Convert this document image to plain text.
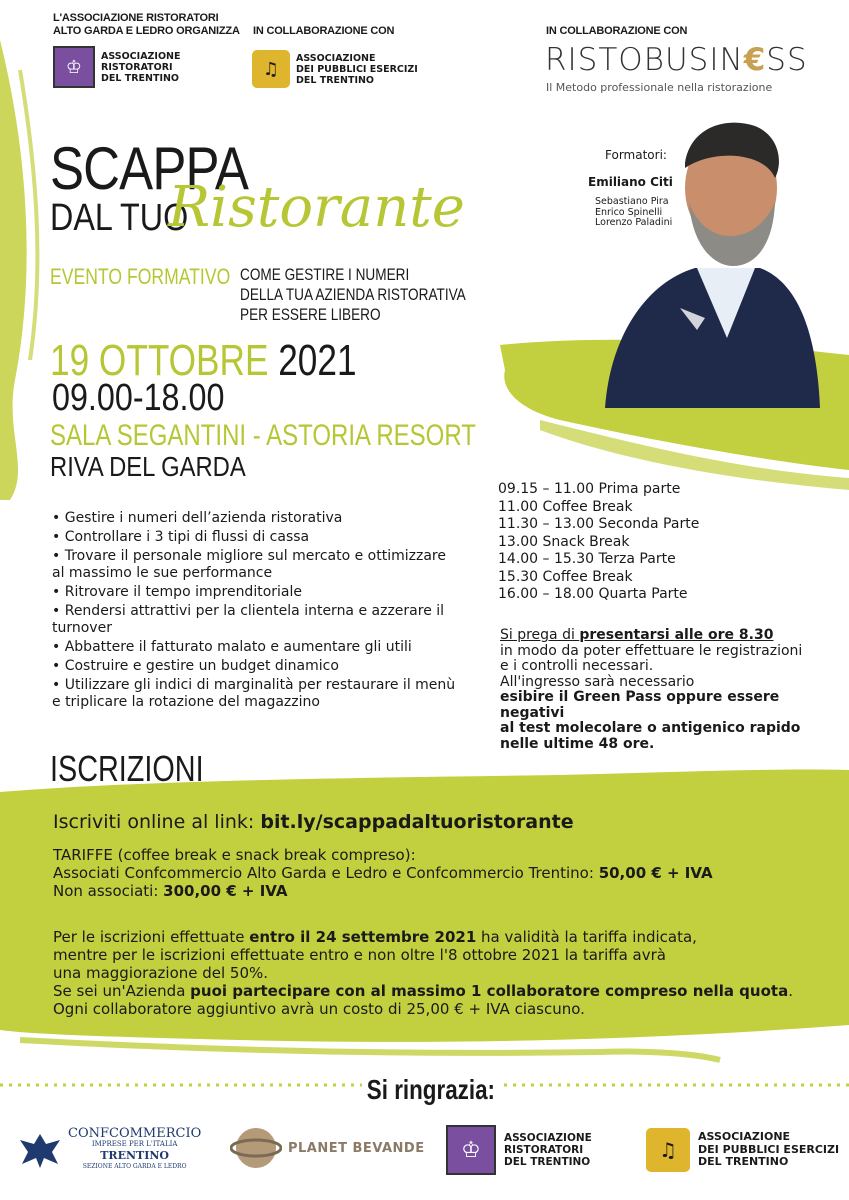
L'ASSOCIAZIONE RISTORATORI
ALTO GARDA E LEDRO ORGANIZZA
♔
ASSOCIAZIONE
RISTORATORI
DEL TRENTINO
IN COLLABORAZIONE CON
♫
ASSOCIAZIONE
DEI PUBBLICI ESERCIZI
DEL TRENTINO
IN COLLABORAZIONE CON
RISTOBUSIN€SS
Il Metodo professionale nella ristorazione
SCAPPA
DAL TUO
Ristorante
EVENTO FORMATIVO COME GESTIRE I NUMERI
DELLA TUA AZIENDA RISTORATIVA
PER ESSERE LIBERO
19 OTTOBRE 2021
09.00-18.00
SALA SEGANTINI - ASTORIA RESORT
RIVA DEL GARDA
Formatori:
Emiliano Citi
Sebastiano Pira
Enrico Spinelli
Lorenzo Paladini
• Gestire i numeri dell’azienda ristorativa
• Controllare i 3 tipi di flussi di cassa
• Trovare il personale migliore sul mercato e ottimizzare al massimo le sue performance
• Ritrovare il tempo imprenditoriale
• Rendersi attrattivi per la clientela interna e azzerare il turnover
• Abbattere il fatturato malato e aumentare gli utili
• Costruire e gestire un budget dinamico
• Utilizzare gli indici di marginalità per restaurare il menù e triplicare la rotazione del magazzino
09.15 – 11.00 Prima parte
11.00 Coffee Break
11.30 – 13.00 Seconda Parte
13.00 Snack Break
14.00 – 15.30 Terza Parte
15.30 Coffee Break
16.00 – 18.00 Quarta Parte
Si prega di presentarsi alle ore 8.30
in modo da poter effettuare le registrazioni
e i controlli necessari.
All'ingresso sarà necessario
esibire il Green Pass oppure essere negativi
al test molecolare o antigenico rapido
nelle ultime 48 ore.
ISCRIZIONI
Iscriviti online al link: bit.ly/scappadaltuoristorante
TARIFFE (coffee break e snack break compreso):
Associati Confcommercio Alto Garda e Ledro e Confcommercio Trentino: 50,00 € + IVA
Non associati: 300,00 € + IVA
Per le iscrizioni effettuate entro il 24 settembre 2021 ha validità la tariffa indicata,
mentre per le iscrizioni effettuate entro e non oltre l'8 ottobre 2021 la tariffa avrà
una maggiorazione del 50%.
Se sei un'Azienda puoi partecipare con al massimo 1 collaboratore compreso nella quota.
Ogni collaboratore aggiuntivo avrà un costo di 25,00 € + IVA ciascuno.
Si ringrazia:
CONFCOMMERCIO
IMPRESE PER L'ITALIA
TRENTINO
SEZIONE ALTO GARDA E LEDRO
PLANET BEVANDE ♔ ASSOCIAZIONE
RISTORATORI
DEL TRENTINO	♫
ASSOCIAZIONE
DEI PUBBLICI ESERCIZI
DEL TRENTINO
